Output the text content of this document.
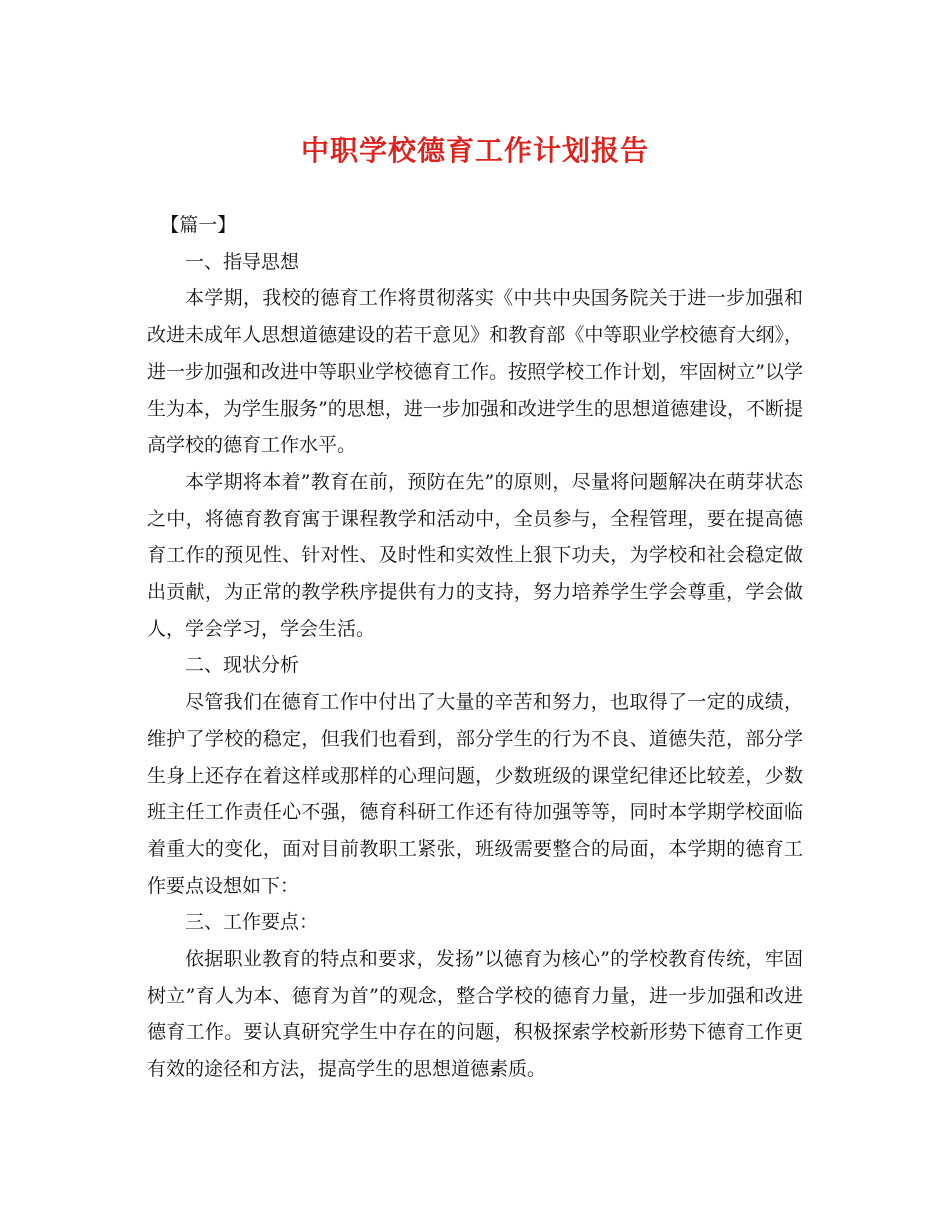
中职学校德育工作计划报告

【篇一】

一、指导思想

本学期，我校的德育工作将贯彻落实《中共中央国务院关于进一步加强和改进未成年人思想道德建设的若干意见》和教育部《中等职业学校德育大纲》，进一步加强和改进中等职业学校德育工作。按照学校工作计划，牢固树立”以学生为本，为学生服务”的思想，进一步加强和改进学生的思想道德建设，不断提高学校的德育工作水平。

本学期将本着”教育在前，预防在先”的原则，尽量将问题解决在萌芽状态之中，将德育教育寓于课程教学和活动中，全员参与，全程管理，要在提高德育工作的预见性、针对性、及时性和实效性上狠下功夫，为学校和社会稳定做出贡献，为正常的教学秩序提供有力的支持，努力培养学生学会尊重，学会做人，学会学习，学会生活。

二、现状分析

尽管我们在德育工作中付出了大量的辛苦和努力，也取得了一定的成绩，维护了学校的稳定，但我们也看到，部分学生的行为不良、道德失范，部分学生身上还存在着这样或那样的心理问题，少数班级的课堂纪律还比较差，少数班主任工作责任心不强，德育科研工作还有待加强等等，同时本学期学校面临着重大的变化，面对目前教职工紧张，班级需要整合的局面，本学期的德育工作要点设想如下：

三、工作要点：

依据职业教育的特点和要求，发扬”以德育为核心”的学校教育传统，牢固树立”育人为本、德育为首”的观念，整合学校的德育力量，进一步加强和改进德育工作。要认真研究学生中存在的问题，积极探索学校新形势下德育工作更有效的途径和方法，提高学生的思想道德素质。
